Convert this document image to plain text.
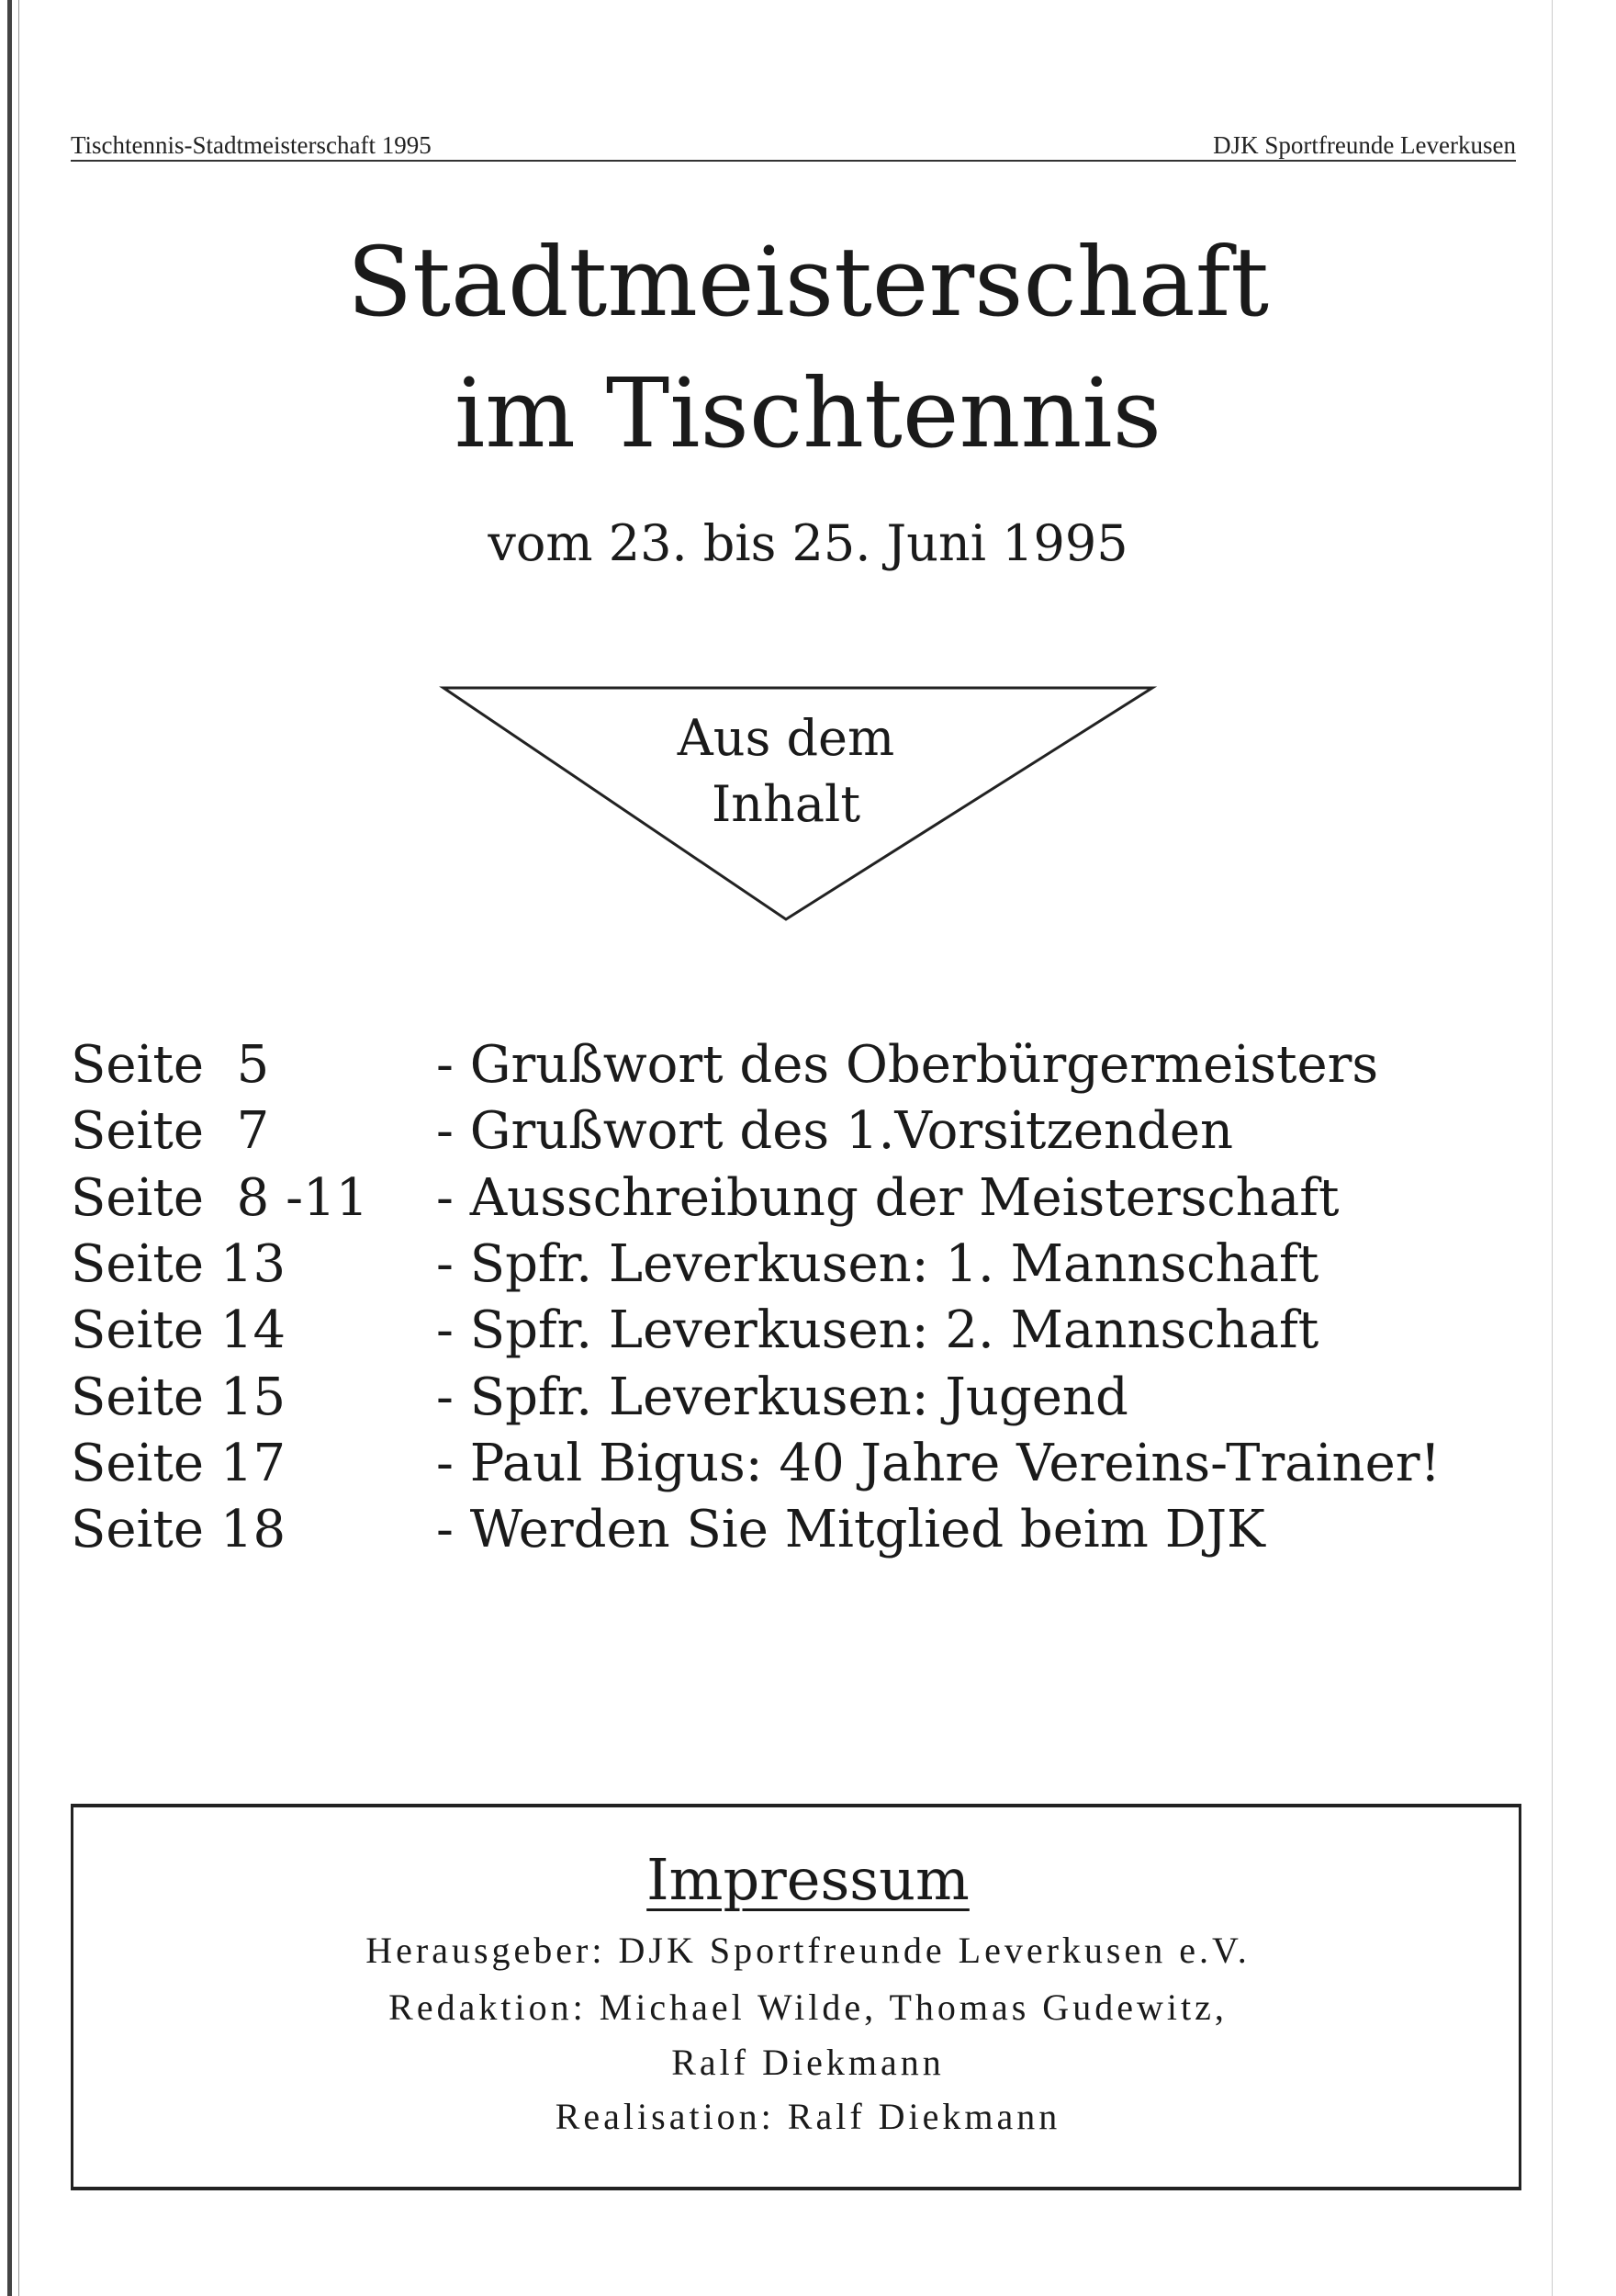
Tischtennis-Stadtmeisterschaft 1995	DJK Sportfreunde Leverkusen
Stadtmeisterschaft
im Tischtennis
vom 23. bis 25. Juni 1995
Aus dem
Inhalt
Seite  5	- Grußwort des Oberbürgermeisters
Seite  7	- Grußwort des 1.Vorsitzenden
Seite  8 -11 - Ausschreibung der Meisterschaft
Seite 13	- Spfr. Leverkusen: 1. Mannschaft
Seite 14	- Spfr. Leverkusen: 2. Mannschaft
Seite 15	- Spfr. Leverkusen: Jugend
Seite 17	- Paul Bigus: 40 Jahre Vereins-Trainer!
Seite 18	- Werden Sie Mitglied beim DJK
Impressum
Herausgeber: DJK Sportfreunde Leverkusen e.V.
Redaktion: Michael Wilde, Thomas Gudewitz,
Ralf Diekmann
Realisation: Ralf Diekmann
